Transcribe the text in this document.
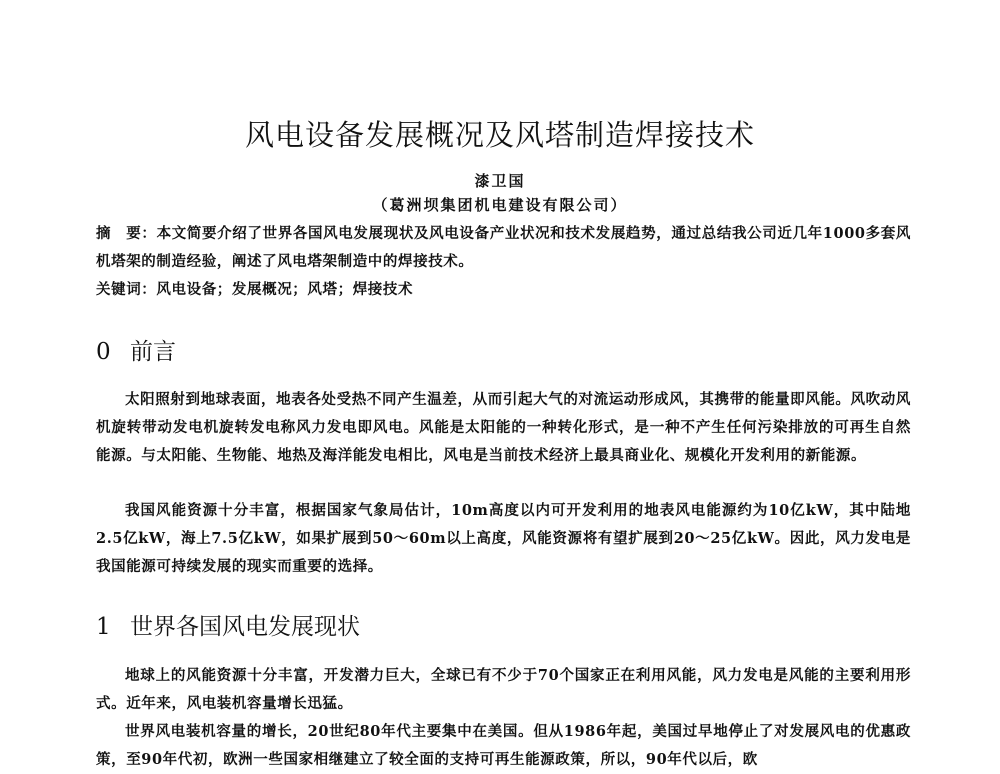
风电设备发展概况及风塔制造焊接技术
漆卫国
（葛洲坝集团机电建设有限公司）
摘　要：本文简要介绍了世界各国风电发展现状及风电设备产业状况和技术发展趋势，通过总结我公司近几年1000多套风机塔架的制造经验，阐述了风电塔架制造中的焊接技术。
关键词：风电设备；发展概况；风塔；焊接技术
0 前言

太阳照射到地球表面，地表各处受热不同产生温差，从而引起大气的对流运动形成风，其携带的能量即风能。风吹动风机旋转带动发电机旋转发电称风力发电即风电。风能是太阳能的一种转化形式，是一种不产生任何污染排放的可再生自然能源。与太阳能、生物能、地热及海洋能发电相比，风电是当前技术经济上最具商业化、规模化开发利用的新能源。

我国风能资源十分丰富，根据国家气象局估计，10m高度以内可开发利用的地表风电能源约为10亿kW，其中陆地2.5亿kW，海上7.5亿kW，如果扩展到50～60m以上高度，风能资源将有望扩展到20～25亿kW。因此，风力发电是我国能源可持续发展的现实而重要的选择。

1 世界各国风电发展现状

地球上的风能资源十分丰富，开发潜力巨大，全球已有不少于70个国家正在利用风能，风力发电是风能的主要利用形式。近年来，风电装机容量增长迅猛。

世界风电装机容量的增长，20世纪80年代主要集中在美国。但从1986年起，美国过早地停止了对发展风电的优惠政策，至90年代初，欧洲一些国家相继建立了较全面的支持可再生能源政策，所以，90年代以后，欧
